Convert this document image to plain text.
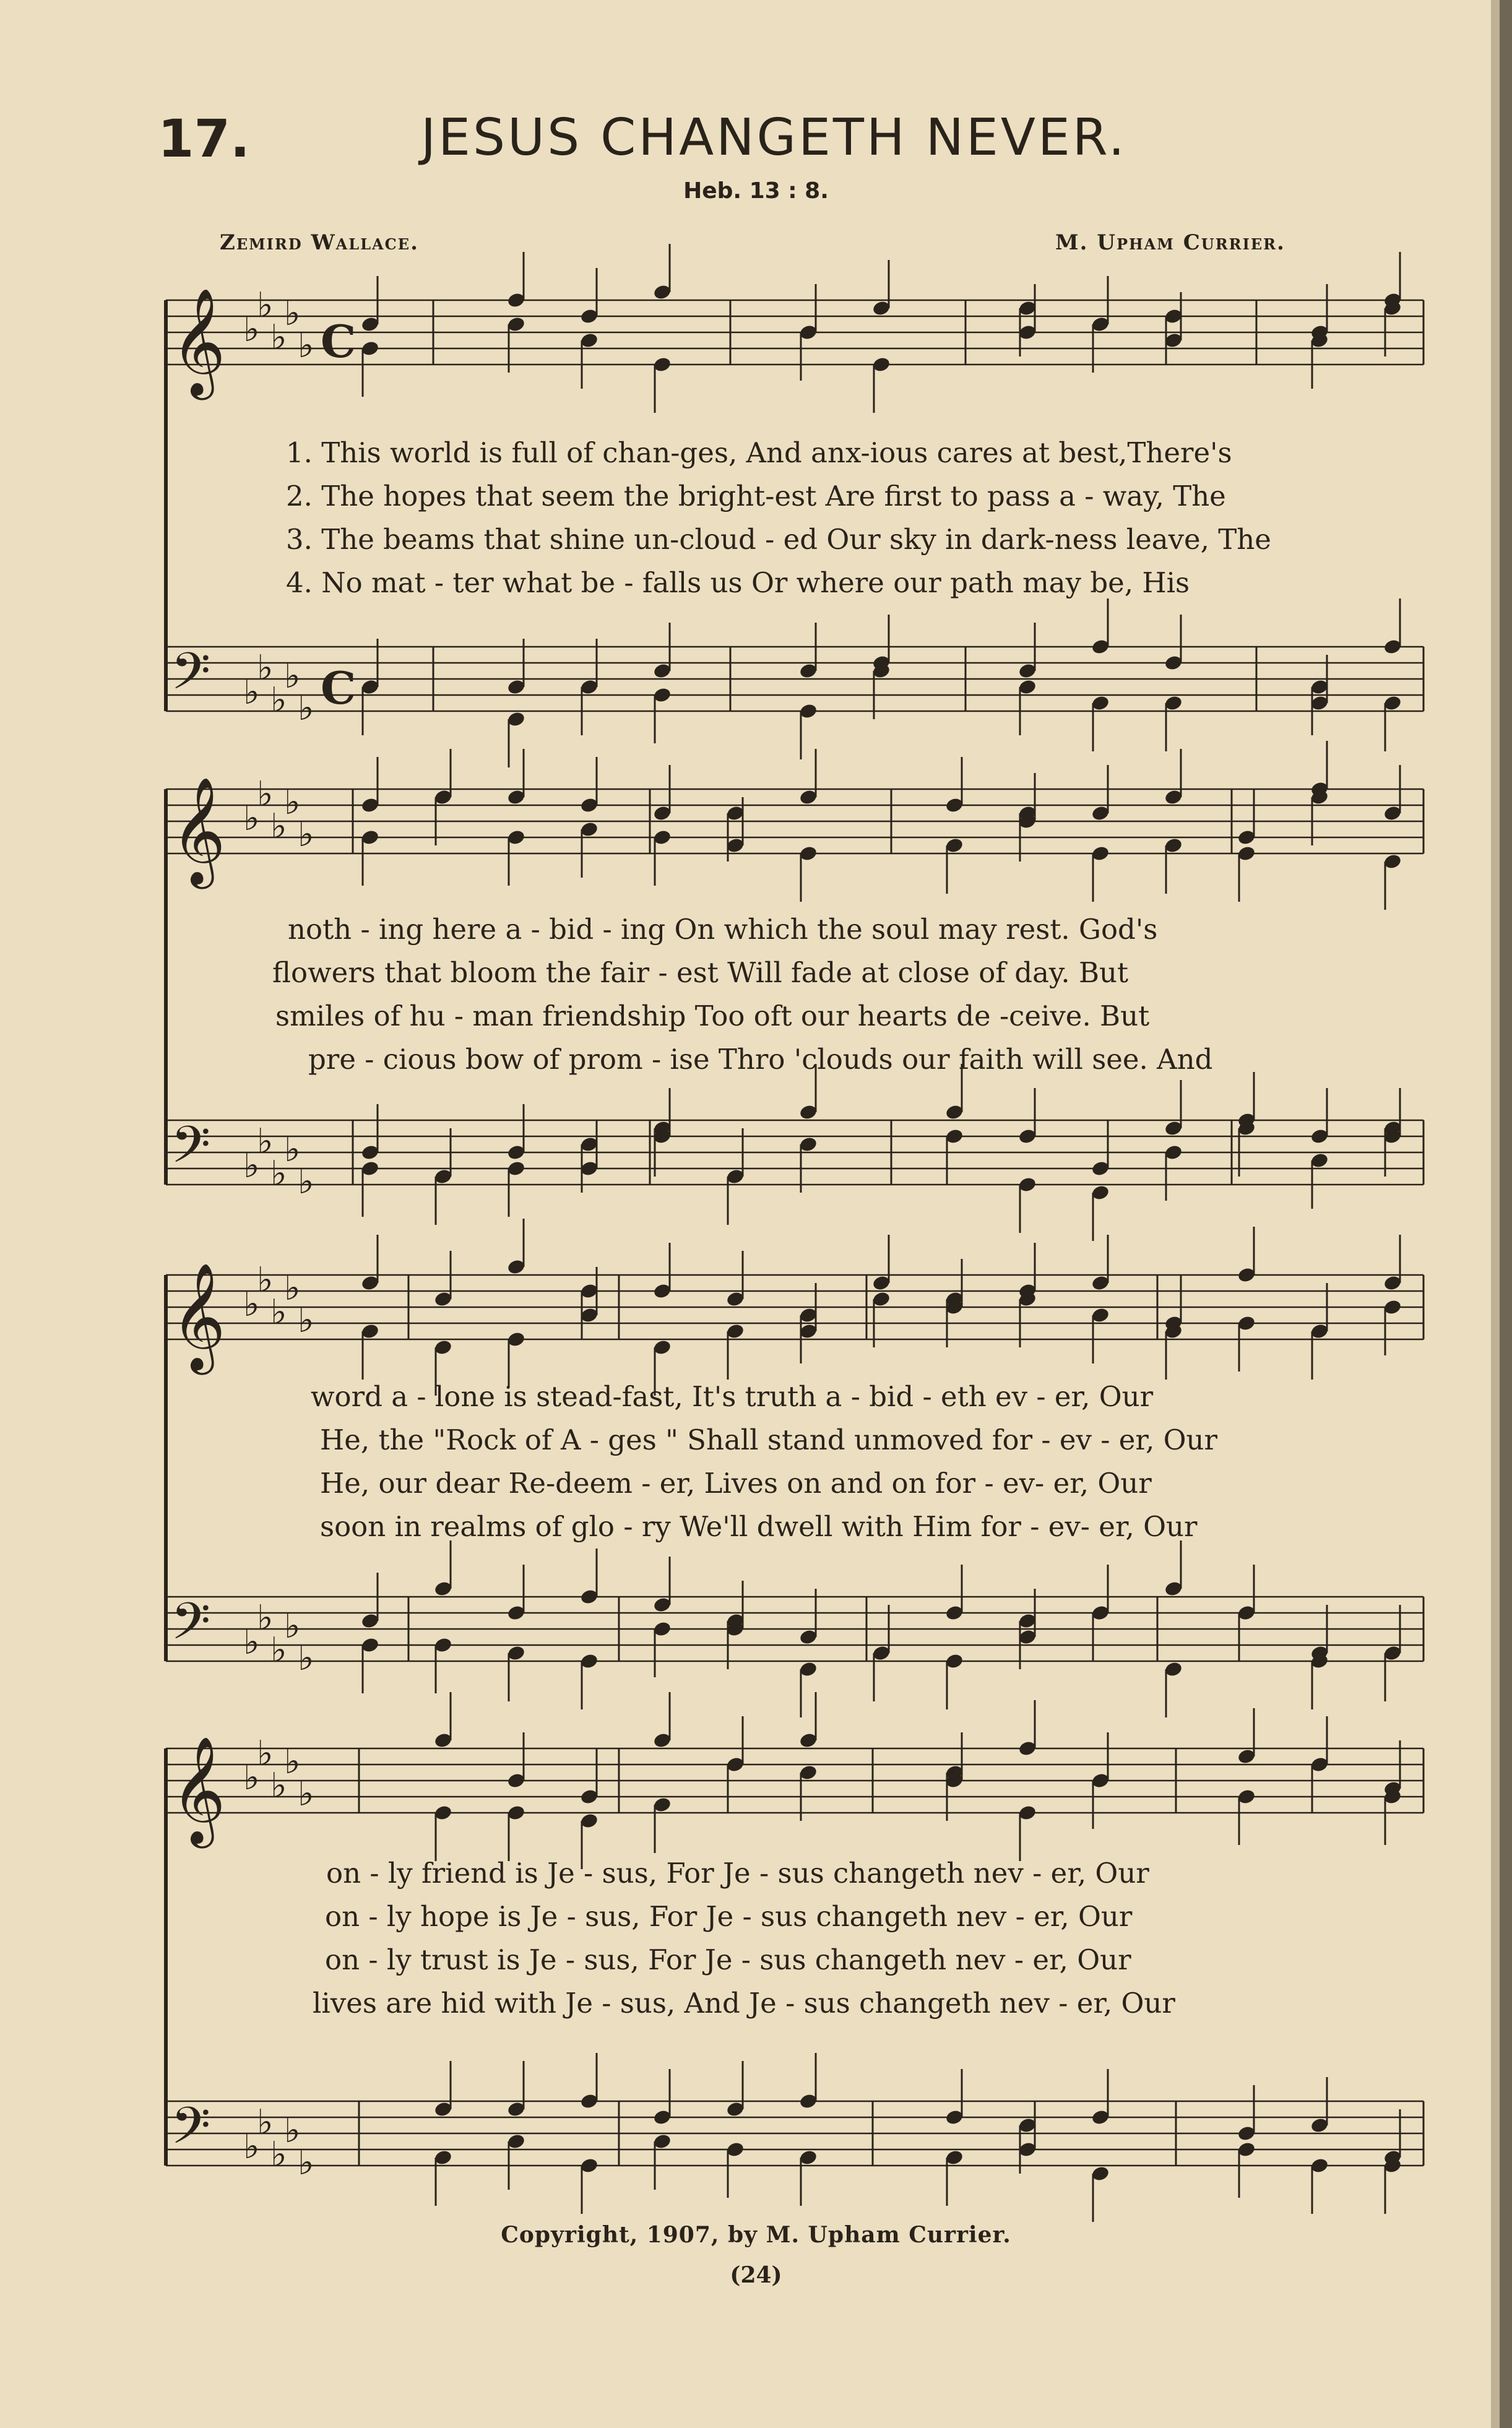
17.	JESUS CHANGETH NEVER.
Heb. 13 : 8.
Zemird Wallace.	M. Upham Currier.
𝄞 ♭
♭
♭
♭
♭ C
𝄢 ♭
♭
♭
♭
♭ C
𝄞 ♭
♭
♭
♭
♭
𝄢 ♭
♭
♭
♭
♭
𝄞 ♭
♭
♭
♭
♭
𝄢 ♭
♭
♭
♭
♭
𝄞 ♭
♭
♭
♭
♭
𝄢 ♭
♭
♭
♭
♭
1. This world is full of chan-ges, And anx-ious cares at best,There's
2. The hopes that seem the bright-est Are first to pass a - way, The
3. The beams that shine un-cloud - ed Our sky in dark-ness leave, The
4. No mat - ter what be - falls us Or where our path may be, His
noth - ing here a - bid - ing On which the soul may rest. God's
flowers that bloom the fair - est Will fade at close of day. But
smiles of hu - man friendship Too oft our hearts de -ceive. But
pre - cious bow of prom - ise Thro 'clouds our faith will see. And
word a - lone is stead-fast, It's truth a - bid - eth ev - er, Our
He, the "Rock of A - ges " Shall stand unmoved for - ev - er, Our
He, our dear Re-deem - er, Lives on and on for - ev- er, Our
soon in realms of glo - ry We'll dwell with Him for - ev- er, Our
on - ly friend is Je - sus, For Je - sus changeth nev - er, Our
on - ly hope is Je - sus, For Je - sus changeth nev - er, Our
on - ly trust is Je - sus, For Je - sus changeth nev - er, Our
lives are hid with Je - sus, And Je - sus changeth nev - er, Our
Copyright, 1907, by M. Upham Currier.
(24)
